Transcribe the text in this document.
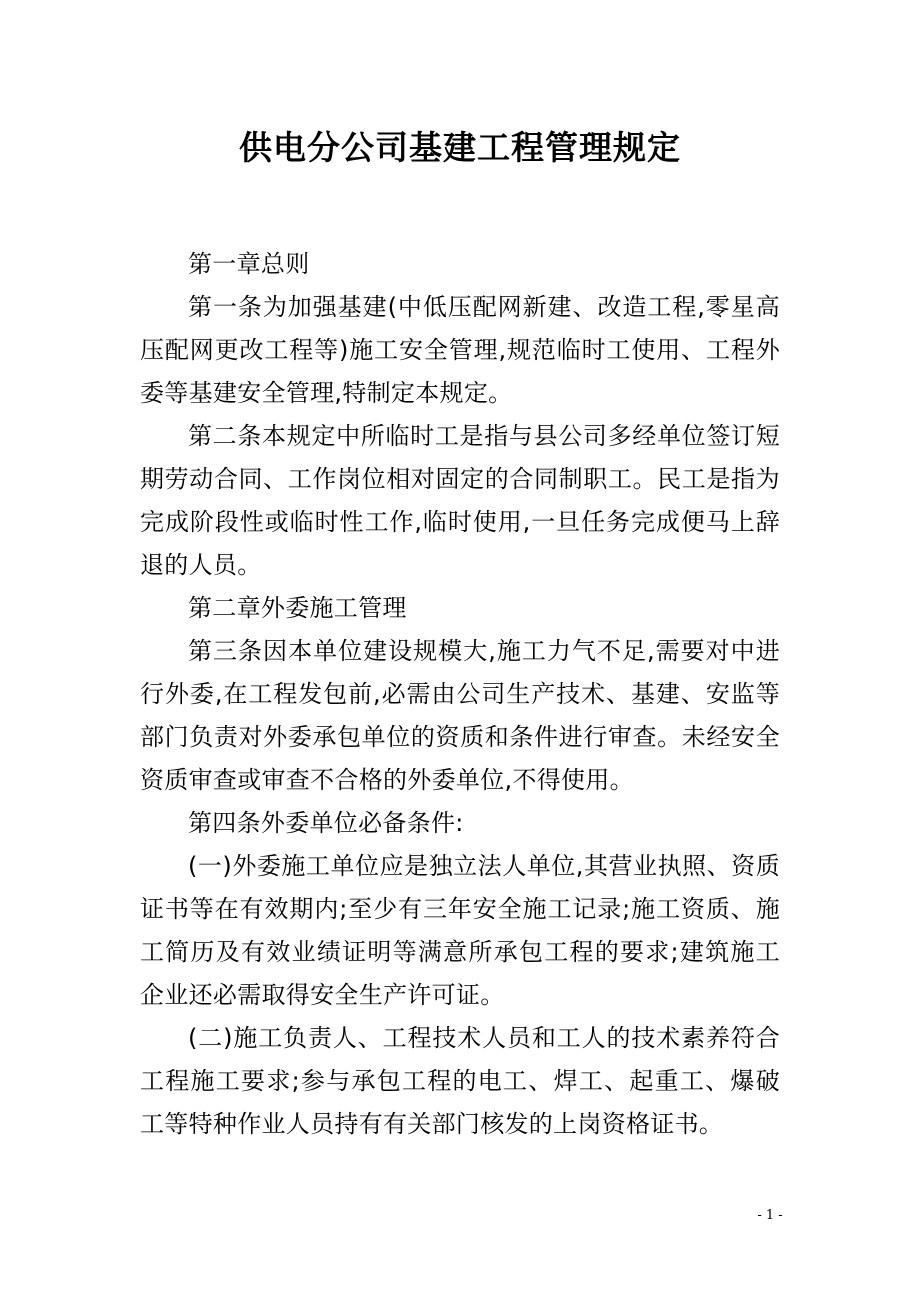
供电分公司基建工程管理规定

第一章总则

第一条为加强基建(中低压配网新建、改造工程,零星高压配网更改工程等)施工安全管理,规范临时工使用、工程外委等基建安全管理,特制定本规定。

第二条本规定中所临时工是指与县公司多经单位签订短期劳动合同、工作岗位相对固定的合同制职工。民工是指为完成阶段性或临时性工作,临时使用,一旦任务完成便马上辞退的人员。

第二章外委施工管理

第三条因本单位建设规模大,施工力气不足,需要对中进行外委,在工程发包前,必需由公司生产技术、基建、安监等部门负责对外委承包单位的资质和条件进行审查。未经安全资质审查或审查不合格的外委单位,不得使用。

第四条外委单位必备条件:

(一)外委施工单位应是独立法人单位,其营业执照、资质证书等在有效期内;至少有三年安全施工记录;施工资质、施工简历及有效业绩证明等满意所承包工程的要求;建筑施工企业还必需取得安全生产许可证。

(二)施工负责人、工程技术人员和工人的技术素养符合工程施工要求;参与承包工程的电工、焊工、起重工、爆破工等特种作业人员持有有关部门核发的上岗资格证书。

- 1 -
